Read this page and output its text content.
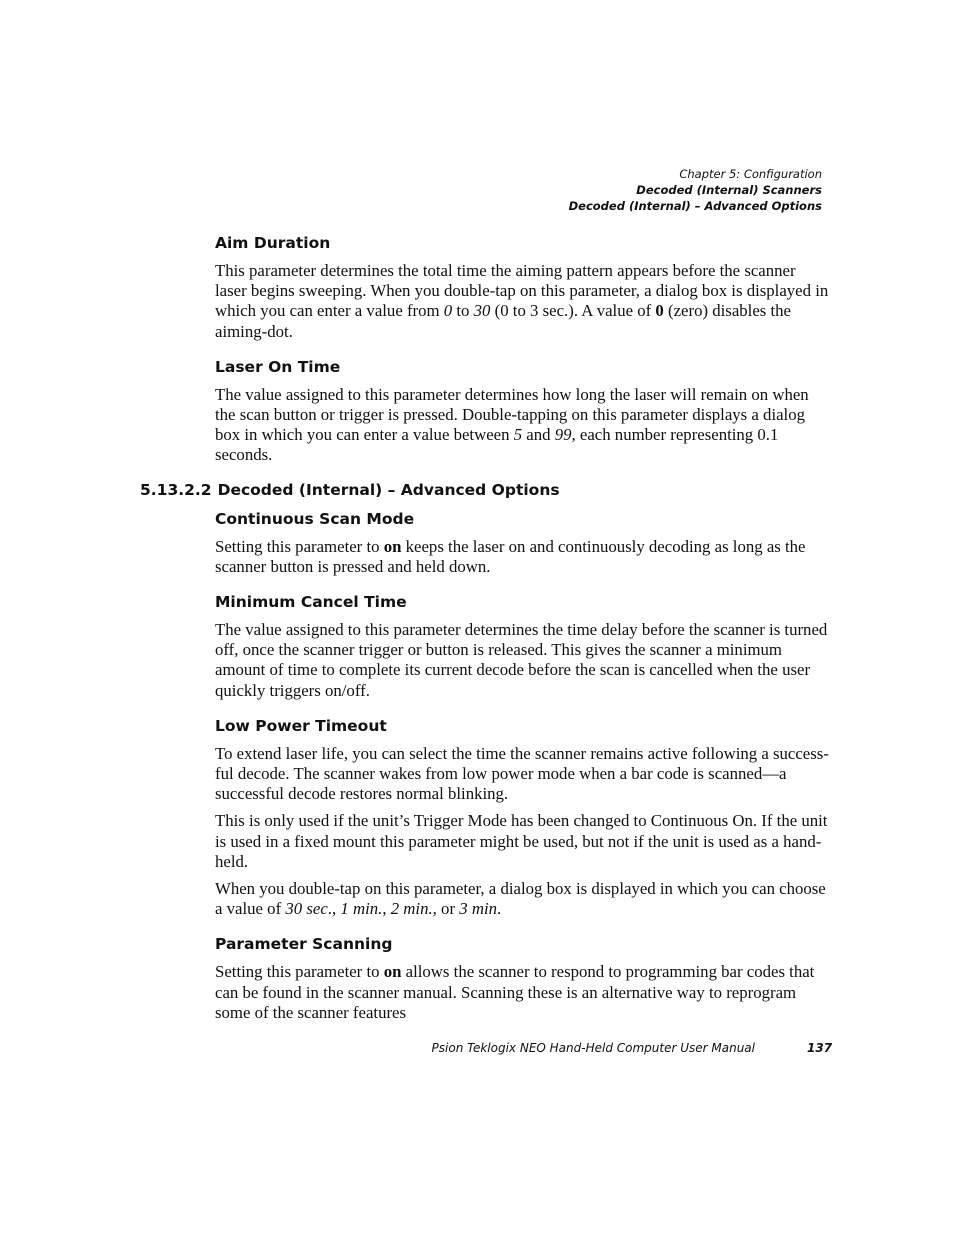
Chapter 5: Configuration
Decoded (Internal) Scanners
Decoded (Internal) – Advanced Options
Aim Duration

This parameter determines the total time the aiming pattern appears before the scanner laser begins sweeping. When you double-tap on this parameter, a dialog box is displayed in which you can enter a value from 0 to 30 (0 to 3 sec.). A value of 0 (zero) disables the aiming-dot.

Laser On Time

The value assigned to this parameter determines how long the laser will remain on when the scan button or trigger is pressed. Double-tapping on this parameter displays a dialog box in which you can enter a value between 5 and 99, each number representing 0.1 seconds.

5.13.2.2 Decoded (Internal) – Advanced Options
Continuous Scan Mode

Setting this parameter to on keeps the laser on and continuously decoding as long as the scanner button is pressed and held down.

Minimum Cancel Time

The value assigned to this parameter determines the time delay before the scanner is turned off, once the scanner trigger or button is released. This gives the scanner a minimum amount of time to complete its current decode before the scan is cancelled when the user quickly triggers on/off.

Low Power Timeout

To extend laser life, you can select the time the scanner remains active following a success-ful decode. The scanner wakes from low power mode when a bar code is scanned—a successful decode restores normal blinking.

This is only used if the unit’s Trigger Mode has been changed to Continuous On. If the unit is used in a fixed mount this parameter might be used, but not if the unit is used as a hand-held.

When you double-tap on this parameter, a dialog box is displayed in which you can choose a value of 30 sec., 1 min., 2 min., or 3 min.

Parameter Scanning

Setting this parameter to on allows the scanner to respond to programming bar codes that can be found in the scanner manual. Scanning these is an alternative way to reprogram some of the scanner features

Psion Teklogix NEO Hand-Held Computer User Manual	137
